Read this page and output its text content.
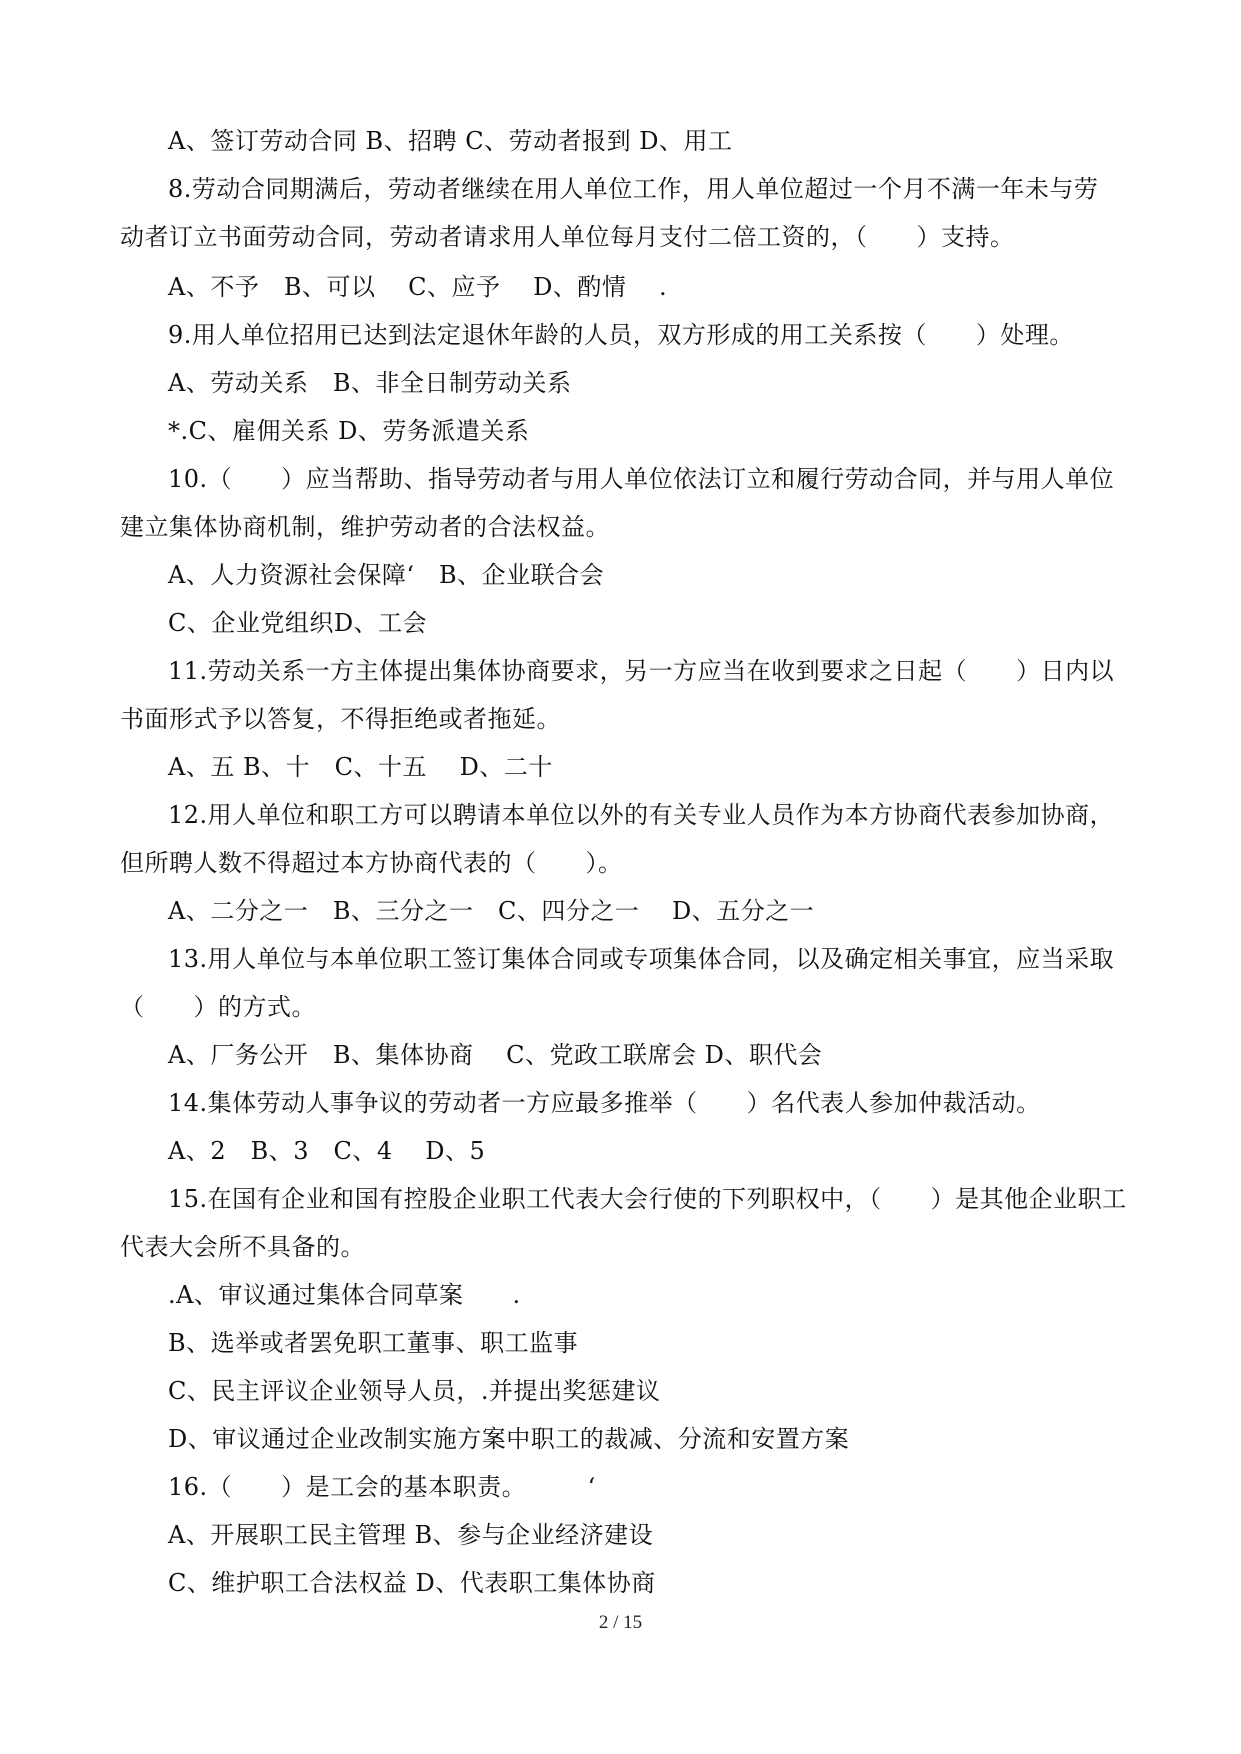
A、签订劳动合同 B、招聘 C、劳动者报到 D、用工
8.劳动合同期满后，劳动者继续在用人单位工作，用人单位超过一个月不满一年未与劳
动者订立书面劳动合同，劳动者请求用人单位每月支付二倍工资的，（　　）支持。
A、不予　B、可以　 C、应予　 D、酌情　 .
9.用人单位招用已达到法定退休年龄的人员，双方形成的用工关系按（　　）处理。
A、劳动关系　B、非全日制劳动关系
*.C、雇佣关系 D、劳务派遣关系
10.（　　）应当帮助、指导劳动者与用人单位依法订立和履行劳动合同，并与用人单位
建立集体协商机制，维护劳动者的合法权益。
A、人力资源社会保障‘　B、企业联合会
C、企业党组织D、工会
11.劳动关系一方主体提出集体协商要求，另一方应当在收到要求之日起（　　）日内以
书面形式予以答复，不得拒绝或者拖延。
A、五 B、十　C、十五　 D、二十
12.用人单位和职工方可以聘请本单位以外的有关专业人员作为本方协商代表参加协商，
但所聘人数不得超过本方协商代表的（　　）。
A、二分之一　B、三分之一　C、四分之一　 D、五分之一
13.用人单位与本单位职工签订集体合同或专项集体合同，以及确定相关事宜，应当采取
（　　）的方式。
A、厂务公开　B、集体协商　 C、党政工联席会 D、职代会
14.集体劳动人事争议的劳动者一方应最多推举（　　）名代表人参加仲裁活动。
A、2　B、3　C、4　 D、5
15.在国有企业和国有控股企业职工代表大会行使的下列职权中，（　　）是其他企业职工
代表大会所不具备的。
.A、审议通过集体合同草案　　.
B、选举或者罢免职工董事、职工监事
C、民主评议企业领导人员，.并提出奖惩建议
D、审议通过企业改制实施方案中职工的裁减、分流和安置方案
16.（　　）是工会的基本职责。　　　‘
A、开展职工民主管理 B、参与企业经济建设
C、维护职工合法权益 D、代表职工集体协商
2 / 15
